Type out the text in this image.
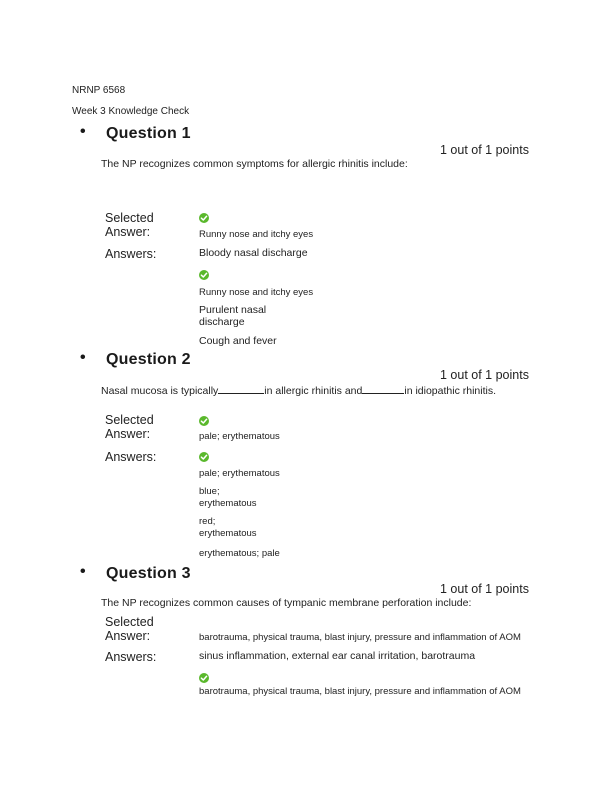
NRNP 6568
Week 3 Knowledge Check
• Question 1
1 out of 1 points
The NP recognizes common symptoms for allergic rhinitis include:
Selected
Answer:	Runny nose and itchy eyes
Answers:	Bloody nasal discharge
Runny nose and itchy eyes
Purulent nasal discharge
Cough and fever
• Question 2
1 out of 1 points
Nasal mucosa is typically	in allergic rhinitis and	in idiopathic rhinitis.
Selected
Answer:	pale; erythematous
Answers:
pale; erythematous
blue; erythematous
red; erythematous
erythematous; pale
• Question 3
1 out of 1 points
The NP recognizes common causes of tympanic membrane perforation include:
Selected
Answer:	barotrauma, physical trauma, blast injury, pressure and inflammation of AOM
Answers:	sinus inflammation, external ear canal irritation, barotrauma
barotrauma, physical trauma, blast injury, pressure and inflammation of AOM
